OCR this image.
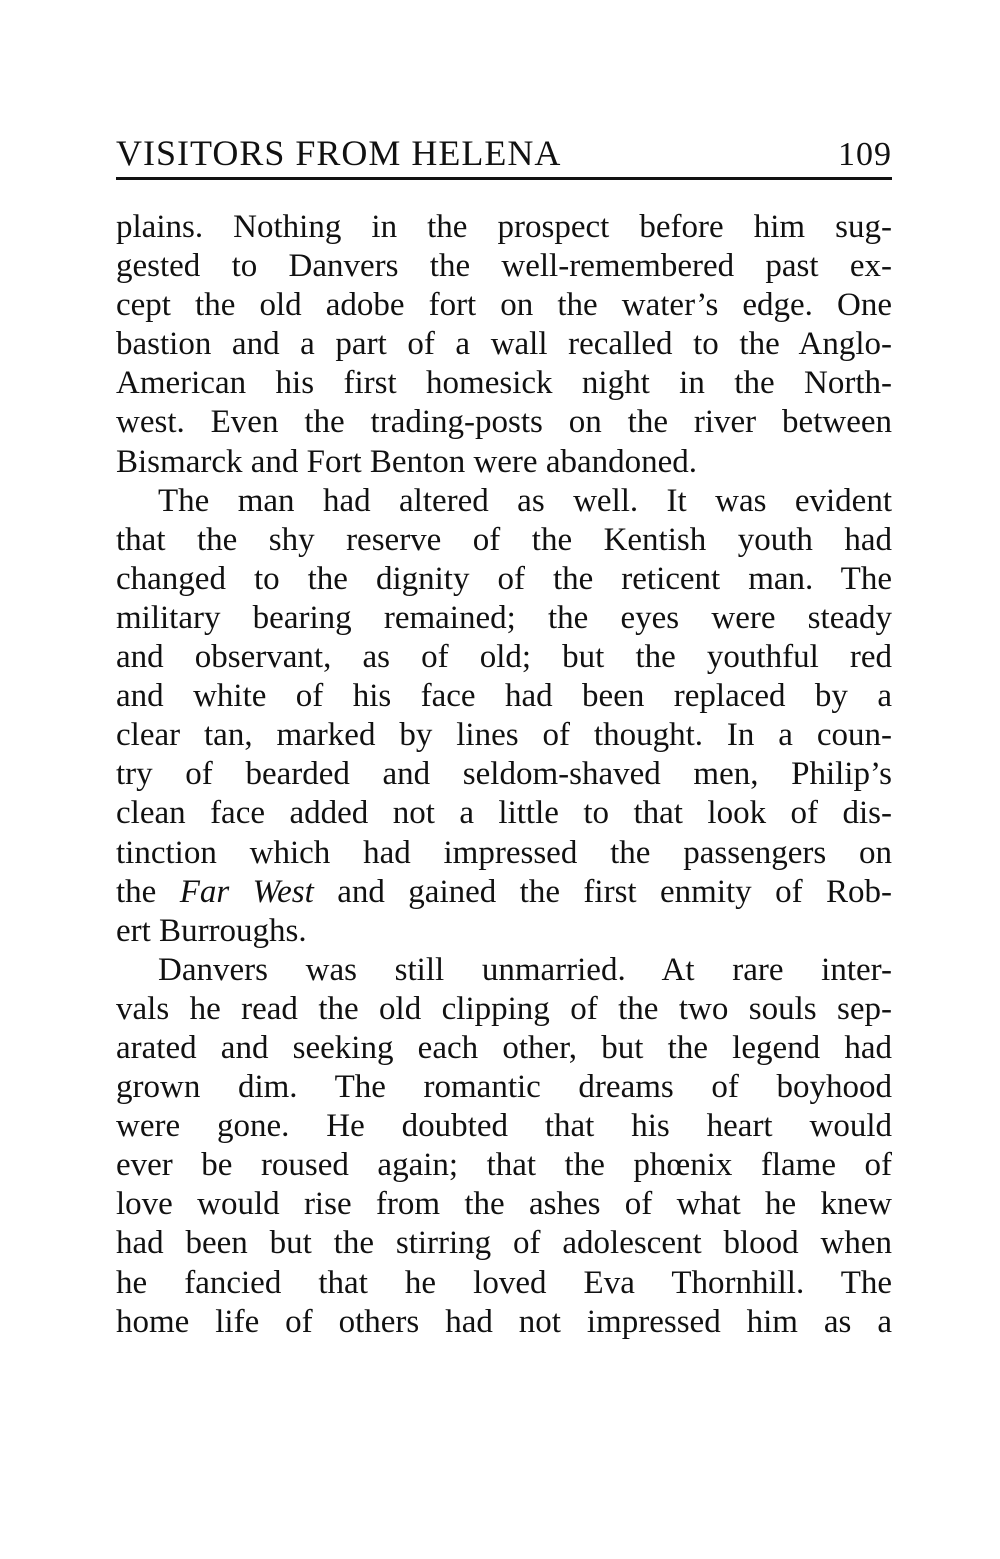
VISITORS FROM HELENA	109
plains. Nothing in the prospect before him sug-
gested to Danvers the well-remembered past ex-
cept the old adobe fort on the water’s edge. One
bastion and a part of a wall recalled to the Anglo-
American his first homesick night in the North-
west. Even the trading-posts on the river between
Bismarck and Fort Benton were abandoned.
The man had altered as well. It was evident
that the shy reserve of the Kentish youth had
changed to the dignity of the reticent man. The
military bearing remained; the eyes were steady
and observant, as of old; but the youthful red
and white of his face had been replaced by a
clear tan, marked by lines of thought. In a coun-
try of bearded and seldom-shaved men, Philip’s
clean face added not a little to that look of dis-
tinction which had impressed the passengers on
the Far West and gained the first enmity of Rob-
ert Burroughs.
Danvers was still unmarried. At rare inter-
vals he read the old clipping of the two souls sep-
arated and seeking each other, but the legend had
grown dim. The romantic dreams of boyhood
were gone. He doubted that his heart would
ever be roused again; that the phœnix flame of
love would rise from the ashes of what he knew
had been but the stirring of adolescent blood when
he fancied that he loved Eva Thornhill. The
home life of others had not impressed him as a
